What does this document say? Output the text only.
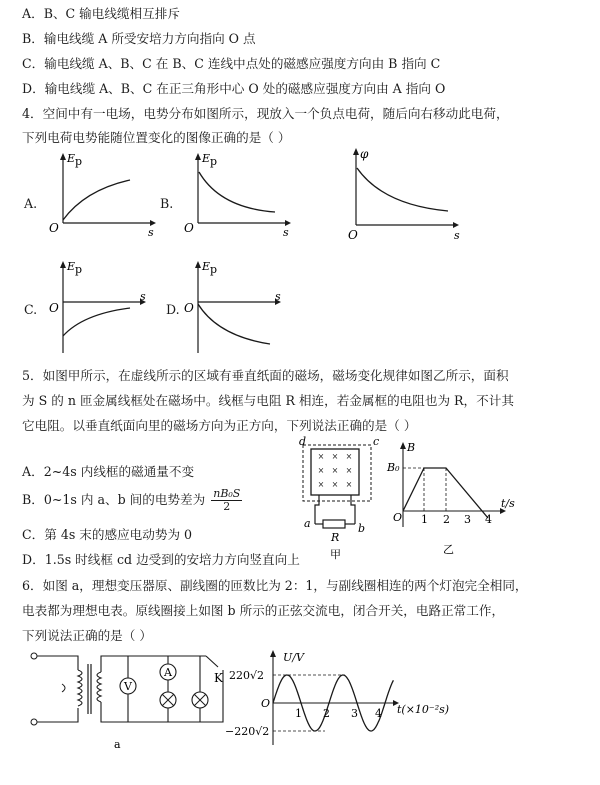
A．B、C 输电线缆相互排斥
B．输电线缆 A 所受安培力方向指向 O 点
C．输电线缆 A、B、C 在 B、C 连线中点处的磁感应强度方向由 B 指向 C
D．输电线缆 A、B、C 在正三角形中心 O 处的磁感应强度方向由 A 指向 O
4．空间中有一电场，电势分布如图所示，现放入一个负点电荷，随后向右移动此电荷，
下列电荷电势能随位置变化的图像正确的是（ ）
A.
E p
O	s
B.
E p
O	s
φ
O	s
C.
E p
O
s
D.
E p
O
s
5．如图甲所示，在虚线所示的区域有垂直纸面的磁场，磁场变化规律如图乙所示，面积
为 S 的 n 匝金属线框处在磁场中。线框与电阻 R 相连，若金属框的电阻也为 R，不计其
它电阻。以垂直纸面向里的磁场方向为正方向，下列说法正确的是（ ）
A．2~4s 内线框的磁通量不变
B．0~1s 内 a、b 间的电势差为 $\frac{\text{nB₀S}}{2}$
C．第 4s 末的感应电动势为 0
D．1.5s 时线框 cd 边受到的安培力方向竖直向上
× × ×
× × ×
× × ×
d	c
a	b
R
甲
B
B₀
O 1 2 3 4
t/s
乙
6．如图 a，理想变压器原、副线圈的匝数比为 2：1，与副线圈相连的两个灯泡完全相同，
电表都为理想电表。原线圈接上如图 b 所示的正弦交流电，闭合开关，电路正常工作，
下列说法正确的是（ ）
V
A	K
a
U/V
220√2
−220√2
O
1 2 3 4 t(×10⁻²s)
